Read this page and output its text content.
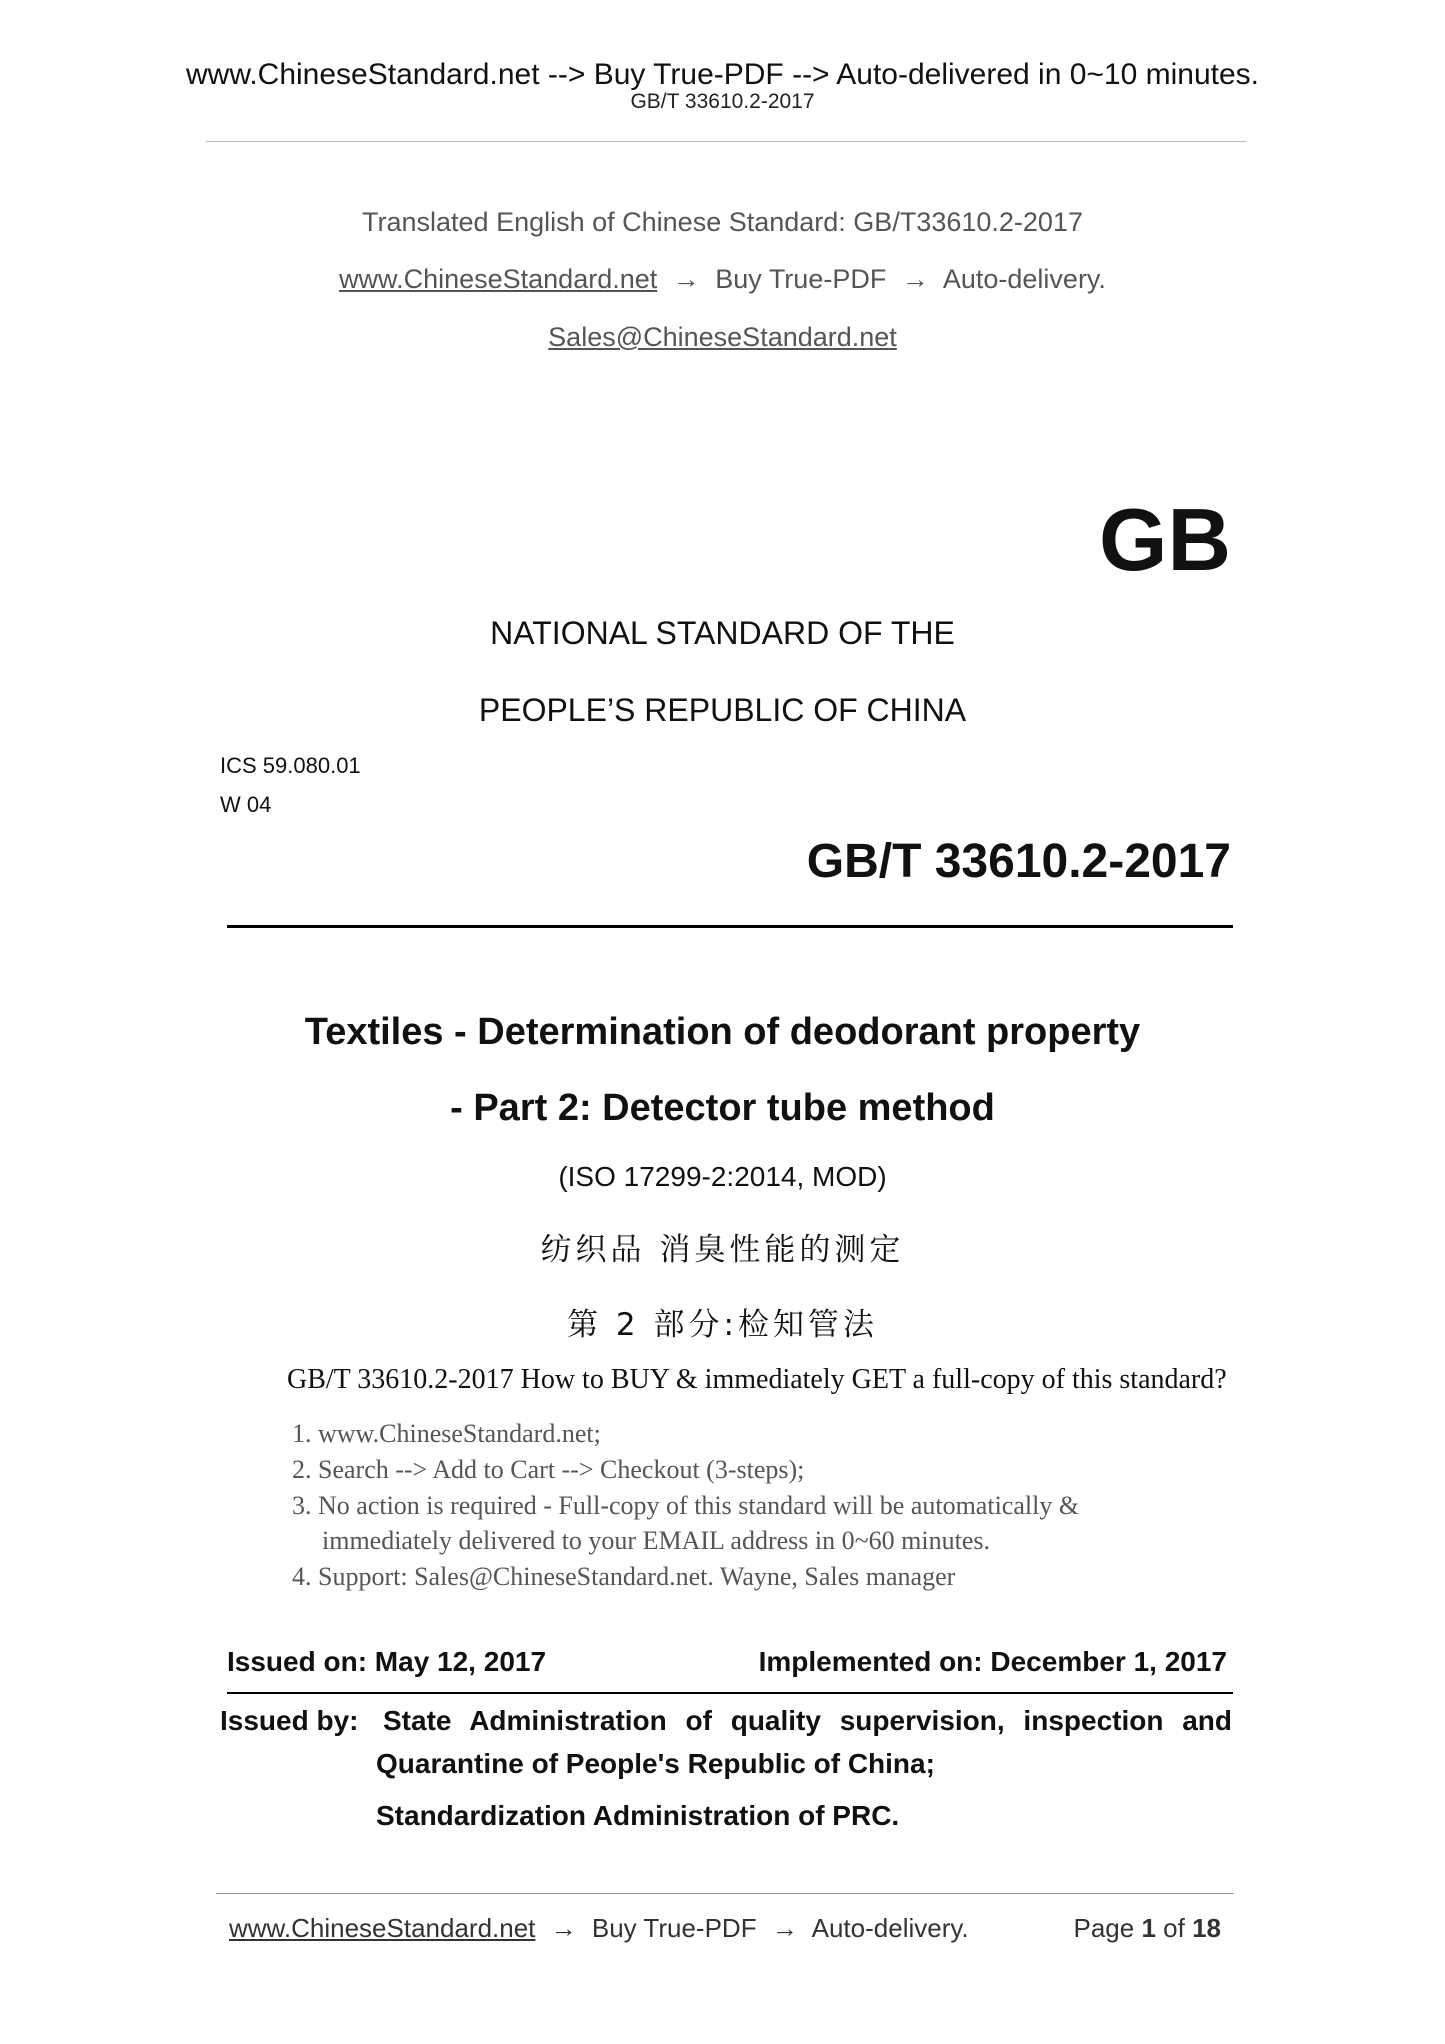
www.ChineseStandard.net --> Buy True-PDF --> Auto-delivered in 0~10 minutes.
GB/T 33610.2-2017
Translated English of Chinese Standard: GB/T33610.2-2017
www.ChineseStandard.net → Buy True-PDF → Auto-delivery.
Sales@ChineseStandard.net
GB
NATIONAL STANDARD OF THE
PEOPLE’S REPUBLIC OF CHINA
ICS 59.080.01
W 04
GB/T 33610.2-2017
Textiles - Determination of deodorant property
- Part 2: Detector tube method
(ISO 17299-2:2014, MOD)
纺织品 消臭性能的测定
第 2 部分:检知管法
GB/T 33610.2-2017 How to BUY & immediately GET a full-copy of this standard?
1. www.ChineseStandard.net;
2. Search --> Add to Cart --> Checkout (3-steps);
3. No action is required - Full-copy of this standard will be automatically &
immediately delivered to your EMAIL address in 0~60 minutes.
4. Support: Sales@ChineseStandard.net. Wayne, Sales manager
Issued on: May 12, 2017	Implemented on: December 1, 2017
Issued by: State Administration of quality supervision, inspection and
Quarantine of People's Republic of China;
Standardization Administration of PRC.
www.ChineseStandard.net → Buy True-PDF → Auto-delivery.	Page 1 of 18
